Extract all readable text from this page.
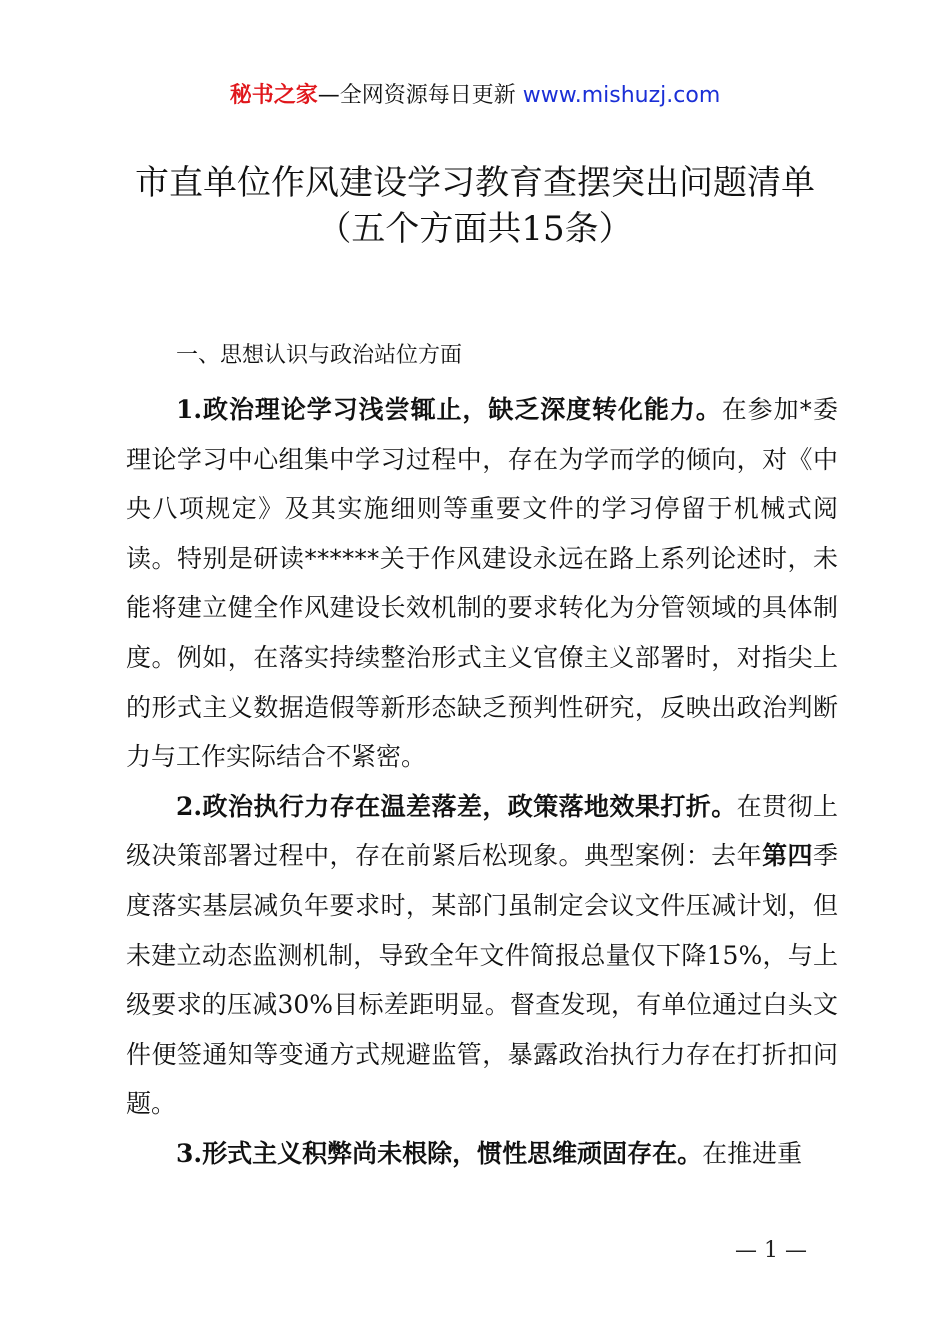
秘书之家—全网资源每日更新 www.mishuzj.com
市直单位作风建设学习教育查摆突出问题清单
（五个方面共15条）
一、思想认识与政治站位方面

1.政治理论学习浅尝辄止，缺乏深度转化能力。在参加*委理论学习中心组集中学习过程中，存在为学而学的倾向，对《中央八项规定》及其实施细则等重要文件的学习停留于机械式阅读。特别是研读******关于作风建设永远在路上系列论述时，未能将建立健全作风建设长效机制的要求转化为分管领域的具体制度。例如，在落实持续整治形式主义官僚主义部署时，对指尖上的形式主义数据造假等新形态缺乏预判性研究，反映出政治判断力与工作实际结合不紧密。

2.政治执行力存在温差落差，政策落地效果打折。在贯彻上级决策部署过程中，存在前紧后松现象。典型案例：去年第四季度落实基层减负年要求时，某部门虽制定会议文件压减计划，但未建立动态监测机制，导致全年文件简报总量仅下降15%，与上级要求的压减30%目标差距明显。督查发现，有单位通过白头文件便签通知等变通方式规避监管，暴露政治执行力存在打折扣问题。

3.形式主义积弊尚未根除，惯性思维顽固存在。在推进重

— 1 —
